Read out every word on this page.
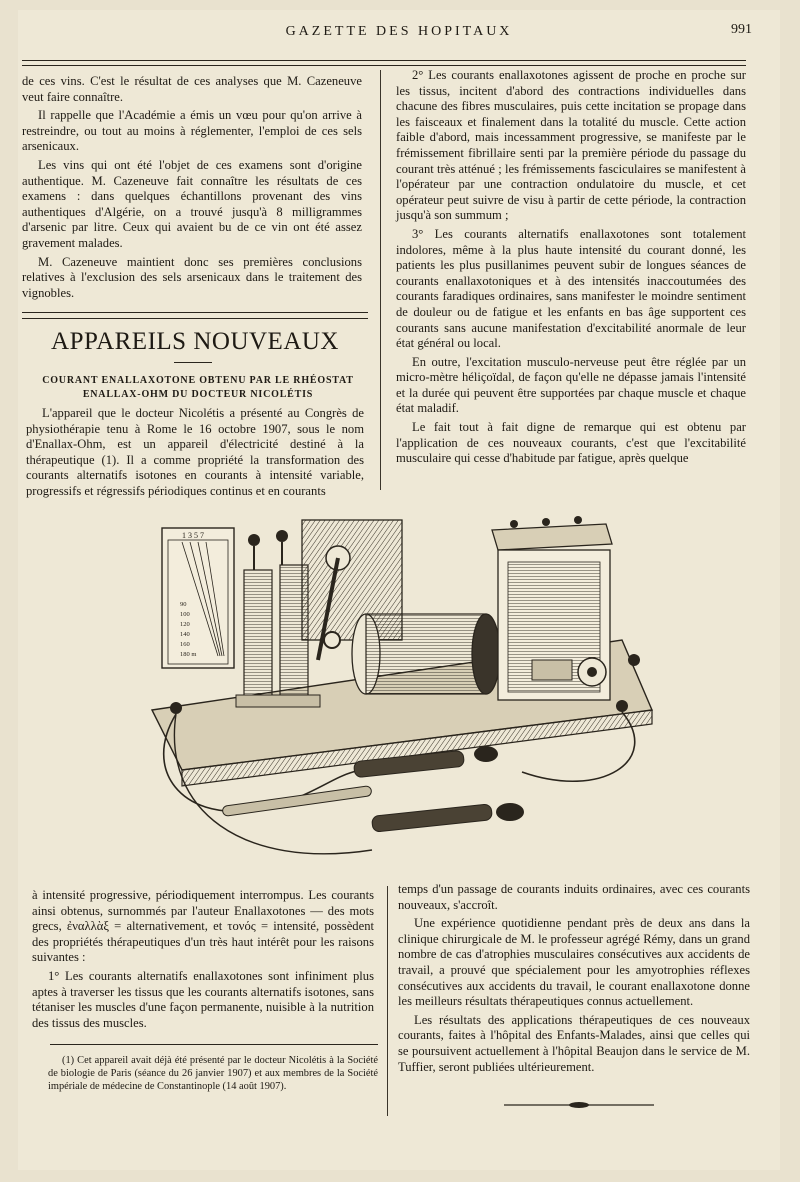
GAZETTE DES HOPITAUX	991

de ces vins. C'est le résultat de ces analyses que M. Cazeneuve veut faire connaître.

Il rappelle que l'Académie a émis un vœu pour qu'on arrive à restreindre, ou tout au moins à réglementer, l'emploi de ces sels arsenicaux.

Les vins qui ont été l'objet de ces examens sont d'origine authentique. M. Cazeneuve fait connaître les résultats de ces examens : dans quelques échantillons provenant des vins authentiques d'Algérie, on a trouvé jusqu'à 8 milligrammes d'arsenic par litre. Ceux qui avaient bu de ce vin ont été assez gravement malades.

M. Cazeneuve maintient donc ses premières conclusions relatives à l'exclusion des sels arsenicaux dans le traitement des vignobles.

APPAREILS NOUVEAUX
COURANT ENALLAXOTONE OBTENU PAR LE RHÉOSTAT
ENALLAX-OHM DU DOCTEUR NICOLÉTIS

L'appareil que le docteur Nicolétis a présenté au Congrès de physiothérapie tenu à Rome le 16 octobre 1907, sous le nom d'Enallax-Ohm, est un appareil d'électricité destiné à la thérapeutique (1). Il a comme propriété la transformation des courants alternatifs isotones en courants à intensité variable, progressifs et régressifs périodiques continus et en courants

2° Les courants enallaxotones agissent de proche en proche sur les tissus, incitent d'abord des contractions individuelles dans chacune des fibres musculaires, puis cette incitation se propage dans les faisceaux et finalement dans la totalité du muscle. Cette action faible d'abord, mais incessamment progressive, se manifeste par le frémissement fibrillaire senti par la première période du passage du courant très atténué ; les frémissements fasciculaires se manifestent à l'opérateur par une contraction ondulatoire du muscle, et cet opérateur peut suivre de visu à partir de cette période, la contraction jusqu'à son summum ;

3° Les courants alternatifs enallaxotones sont totalement indolores, même à la plus haute intensité du courant donné, les patients les plus pusillanimes peuvent subir de longues séances de courants enallaxotoniques et à des intensités inaccoutumées des courants faradiques ordinaires, sans manifester le moindre sentiment de douleur ou de fatigue et les enfants en bas âge supportent ces courants sans aucune manifestation d'excitabilité anormale de leur état général ou local.

En outre, l'excitation musculo-nerveuse peut être réglée par un micro-mètre héliçoïdal, de façon qu'elle ne dépasse jamais l'intensité et la durée qui peuvent être supportées par chaque muscle et chaque état maladif.

Le fait tout à fait digne de remarque qui est obtenu par l'application de ces nouveaux courants, c'est que l'excitabilité musculaire qui cesse d'habitude par fatigue, après quelque

1 3 5 7
90
100
120
140
160
180 m

à intensité progressive, périodiquement interrompus. Les courants ainsi obtenus, surnommés par l'auteur Enallaxotones — des mots grecs, ἐναλλὰξ = alternativement, et τονός = intensité, possèdent des propriétés thérapeutiques d'un très haut intérêt pour les raisons suivantes :

1° Les courants alternatifs enallaxotones sont infiniment plus aptes à traverser les tissus que les courants alternatifs isotones, sans tétaniser les muscles d'une façon permanente, nuisible à la nutrition des tissus des muscles.

(1) Cet appareil avait déjà été présenté par le docteur Nicolétis à la Société de biologie de Paris (séance du 26 janvier 1907) et aux membres de la Société impériale de médecine de Constantinople (14 août 1907).

temps d'un passage de courants induits ordinaires, avec ces courants nouveaux, s'accroît.

Une expérience quotidienne pendant près de deux ans dans la clinique chirurgicale de M. le professeur agrégé Rémy, dans un grand nombre de cas d'atrophies musculaires consécutives aux accidents de travail, a prouvé que spécialement pour les amyotrophies réflexes consécutives aux accidents du travail, le courant enallaxotone donne les meilleurs résultats thérapeutiques connus actuellement.

Les résultats des applications thérapeutiques de ces nouveaux courants, faites à l'hôpital des Enfants-Malades, ainsi que celles qui se poursuivent actuellement à l'hôpital Beaujon dans le service de M. Tuffier, seront publiées ultérieurement.
